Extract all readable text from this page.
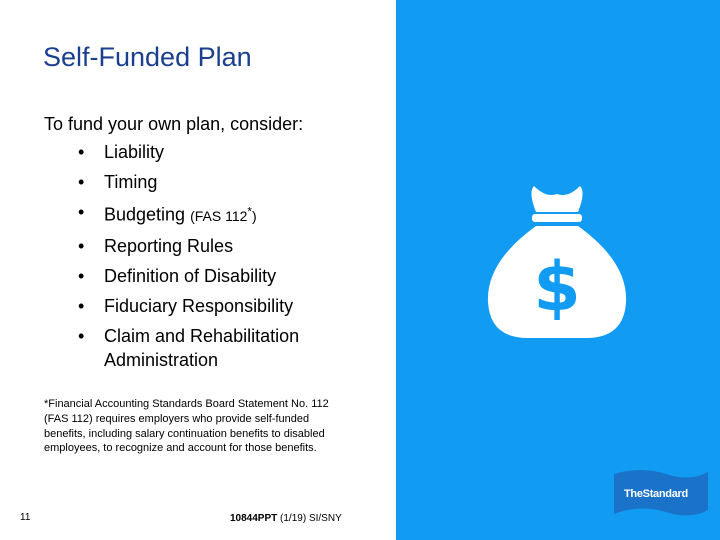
Self-Funded Plan
To fund your own plan, consider:
• Liability
• Timing
• Budgeting (FAS 112*)
• Reporting Rules
• Definition of Disability
• Fiduciary Responsibility
• Claim and Rehabilitation Administration
*Financial Accounting Standards Board Statement No. 112 (FAS 112) requires employers who provide self-funded benefits, including salary continuation benefits to disabled employees, to recognize and account for those benefits.
11	10844PPT (1/19) SI/SNY
$
TheStandard
